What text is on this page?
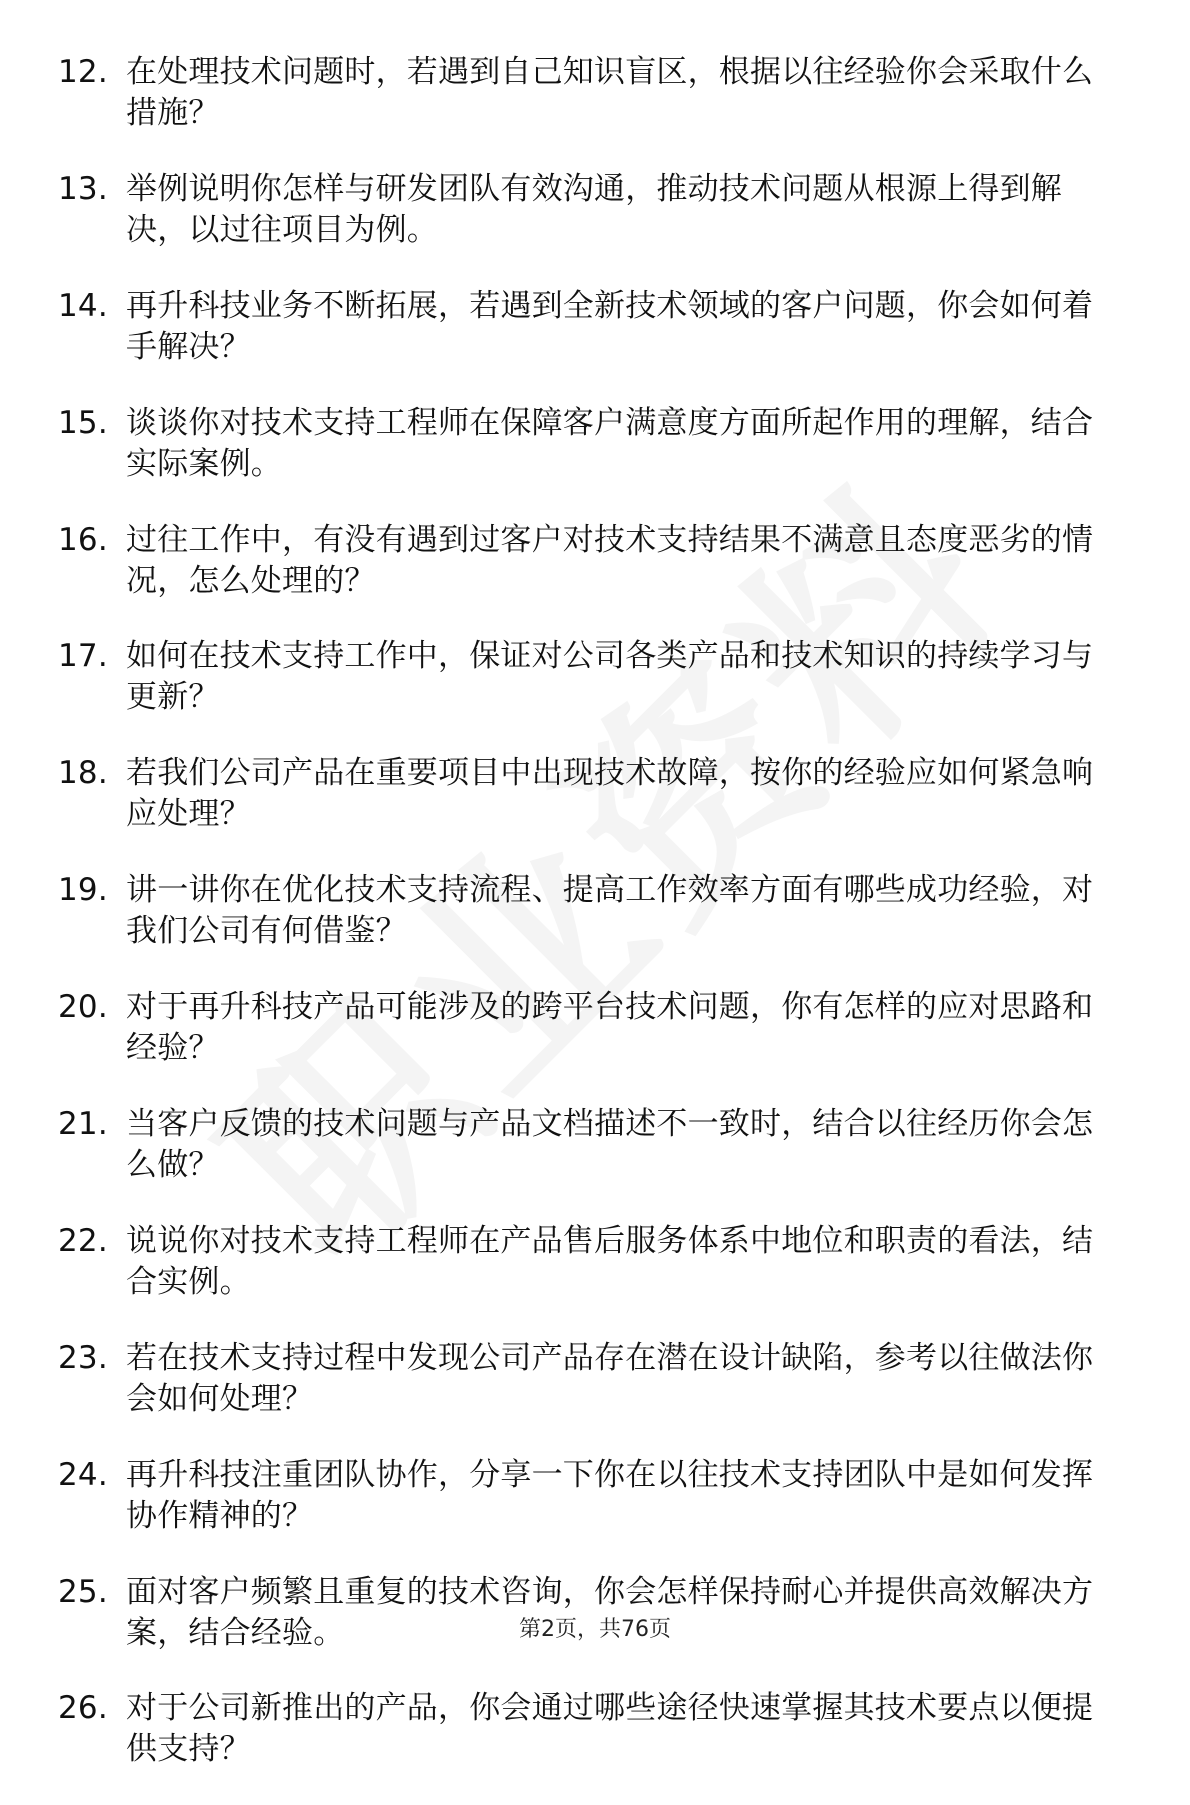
12. 在处理技术问题时，若遇到自己知识盲区，根据以往经验你会采取什么措施？
13. 举例说明你怎样与研发团队有效沟通，推动技术问题从根源上得到解决，以过往项目为例。
14. 再升科技业务不断拓展，若遇到全新技术领域的客户问题，你会如何着手解决？
15. 谈谈你对技术支持工程师在保障客户满意度方面所起作用的理解，结合实际案例。
16. 过往工作中，有没有遇到过客户对技术支持结果不满意且态度恶劣的情况，怎么处理的？
17. 如何在技术支持工作中，保证对公司各类产品和技术知识的持续学习与更新？
18. 若我们公司产品在重要项目中出现技术故障，按你的经验应如何紧急响应处理？
19. 讲一讲你在优化技术支持流程、提高工作效率方面有哪些成功经验，对我们公司有何借鉴？
20. 对于再升科技产品可能涉及的跨平台技术问题，你有怎样的应对思路和经验？
21. 当客户反馈的技术问题与产品文档描述不一致时，结合以往经历你会怎么做？
22. 说说你对技术支持工程师在产品售后服务体系中地位和职责的看法，结合实例。
23. 若在技术支持过程中发现公司产品存在潜在设计缺陷，参考以往做法你会如何处理？
24. 再升科技注重团队协作，分享一下你在以往技术支持团队中是如何发挥协作精神的？
25. 面对客户频繁且重复的技术咨询，你会怎样保持耐心并提供高效解决方案，结合经验。
26. 对于公司新推出的产品，你会通过哪些途径快速掌握其技术要点以便提供支持？
第2页，共76页
